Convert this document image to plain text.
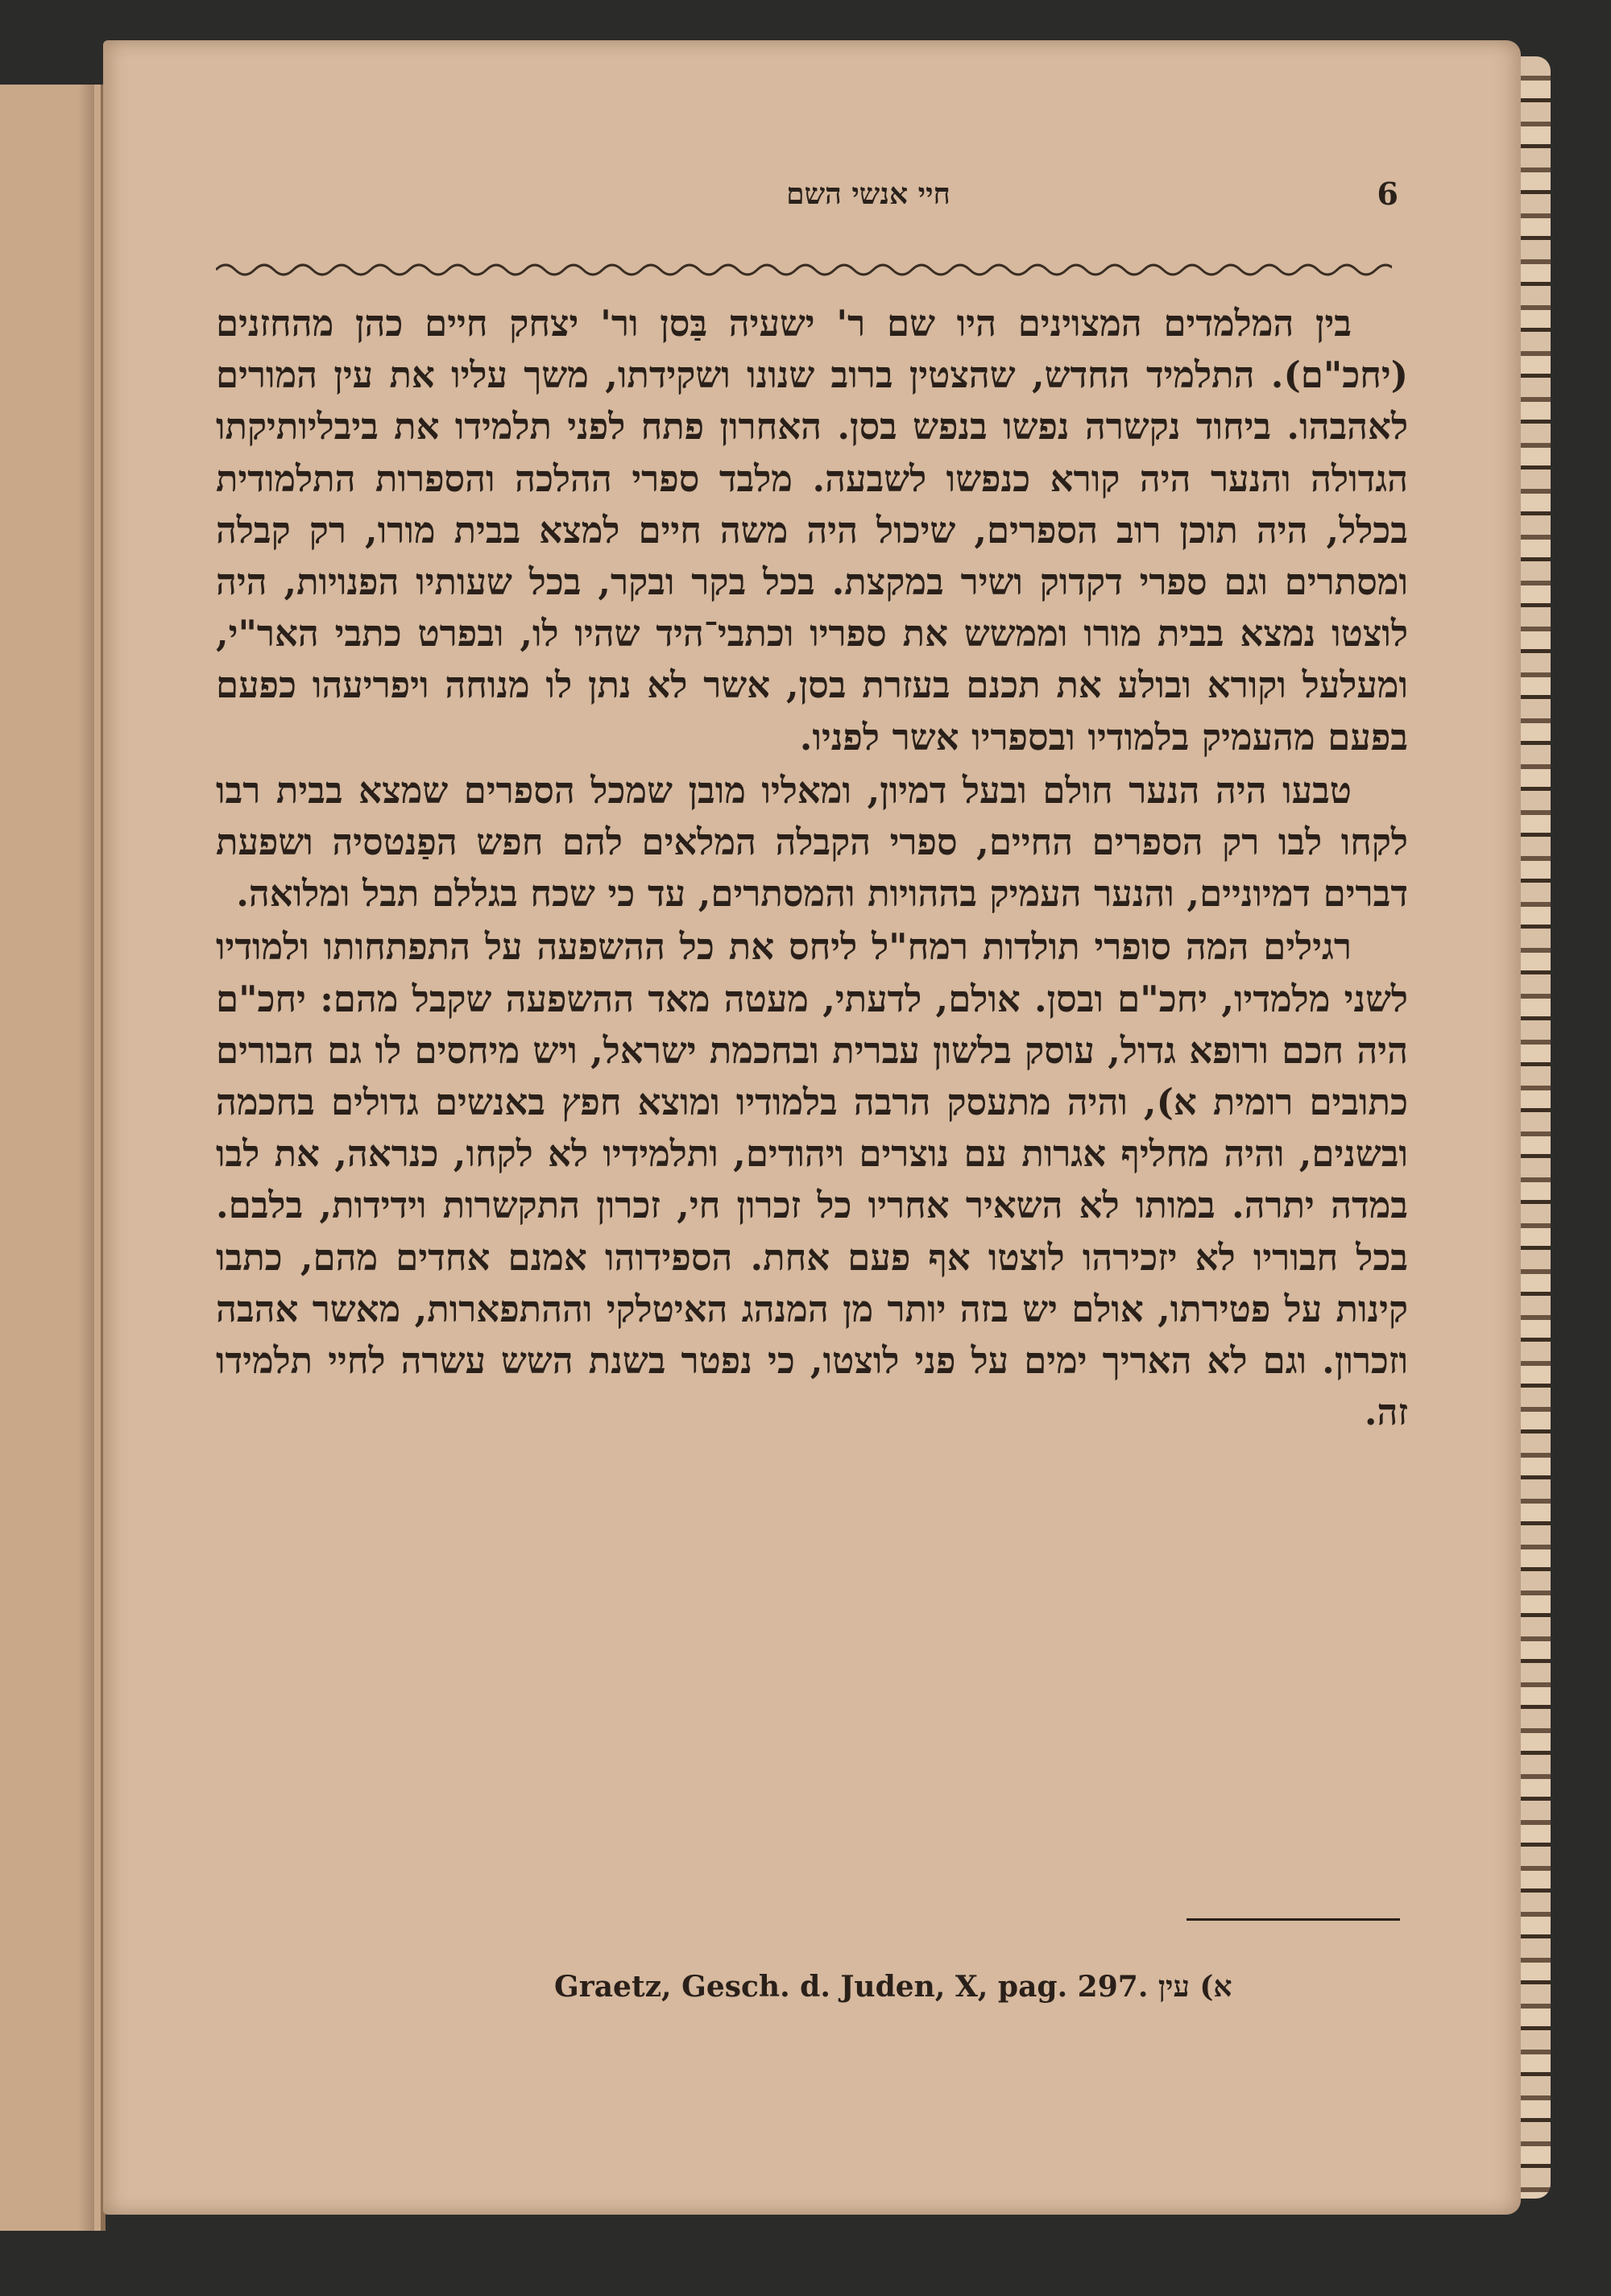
חיי אנשי השם	6

בין המלמדים המצוינים היו שם ר' ישעיה בַּסן ור' יצחק חיים כהן מהחזנים (יחכ"ם). התלמיד החדש, שהצטין ברוב שנונו ושקידתו, משך עליו את עין המורים לאהבהו. ביחוד נקשרה נפשו בנפש בסן. האחרון פתח לפני תלמידו את ביבליותיקתו הגדולה והנער היה קורא כנפשו לשבעה. מלבד ספרי ההלכה והספרות התלמודית בכלל, היה תוכן רוב הספרים, שיכול היה משה חיים למצא בבית מורו, רק קבלה ומסתרים וגם ספרי דקדוק ושיר במקצת. בכל בקר ובקר, בכל שעותיו הפנויות, היה לוצטו נמצא בבית מורו וממשש את ספריו וכתבי־היד שהיו לו, ובפרט כתבי האר"י, ומעלעל וקורא ובולע את תכנם בעזרת בסן, אשר לא נתן לו מנוחה ויפריעהו כפעם בפעם מהעמיק בלמודיו ובספריו אשר לפניו.

טבעו היה הנער חולם ובעל דמיון, ומאליו מובן שמכל הספרים שמצא בבית רבו לקחו לבו רק הספרים החיים, ספרי הקבלה המלאים להם חפש הפַנטסיה ושפעת דברים דמיוניים, והנער העמיק בההויות והמסתרים, עד כי שכח בגללם תבל ומלואה.

רגילים המה סופרי תולדות רמח"ל ליחס את כל ההשפעה על התפתחותו ולמודיו לשני מלמדיו, יחכ"ם ובסן. אולם, לדעתי, מעטה מאד ההשפעה שקבל מהם: יחכ"ם היה חכם ורופא גדול, עוסק בלשון עברית ובחכמת ישראל, ויש מיחסים לו גם חבורים כתובים רומית א), והיה מתעסק הרבה בלמודיו ומוצא חפץ באנשים גדולים בחכמה ובשנים, והיה מחליף אגרות עם נוצרים ויהודים, ותלמידיו לא לקחו, כנראה, את לבו במדה יתרה. במותו לא השאיר אחריו כל זכרון חי, זכרון התקשרות וידידות, בלבם. בכל חבוריו לא יזכירהו לוצטו אף פעם אחת. הספידוהו אמנם אחדים מהם, כתבו קינות על פטירתו, אולם יש בזה יותר מן המנהג האיטלקי וההתפארות, מאשר אהבה וזכרון. וגם לא האריך ימים על פני לוצטו, כי נפטר בשנת השש עשרה לחיי תלמידו זה.

א) עין .Graetz, Gesch. d. Juden, X, pag. 297
